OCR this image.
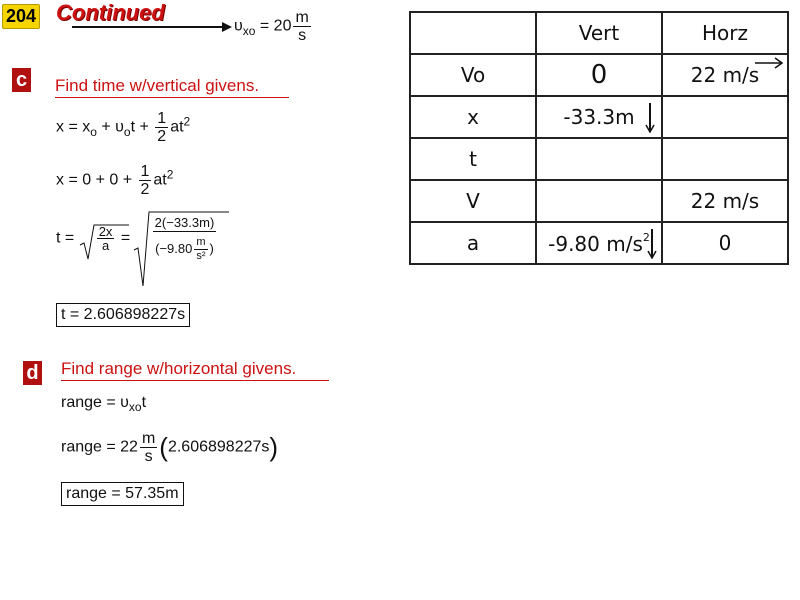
204 Continued
$\upsilon_{xo} = 20 \frac{m}{s}$
c Find time w/vertical givens.
$x = x_o + \upsilon_ot + \frac{1}{2} at^2$
$x = 0 + 0 + \frac{1}{2} at^2$
$t = \frac{2x}{a} = \frac{2(-33.3m)}{(-9.80 \frac{m}{\text{s²}} )}$
t = 2.606898227s
d Find range w/horizontal givens.
range = $\upsilon_{xo}t$
range = $22 \frac{m}{s} (2.606898227s)$
range = 57.35m
	Vert	Horz
Vo	0	22 m/s

x	-33.3m

t		
V		22 m/s
a	-9.80 $m/s^2$	0
